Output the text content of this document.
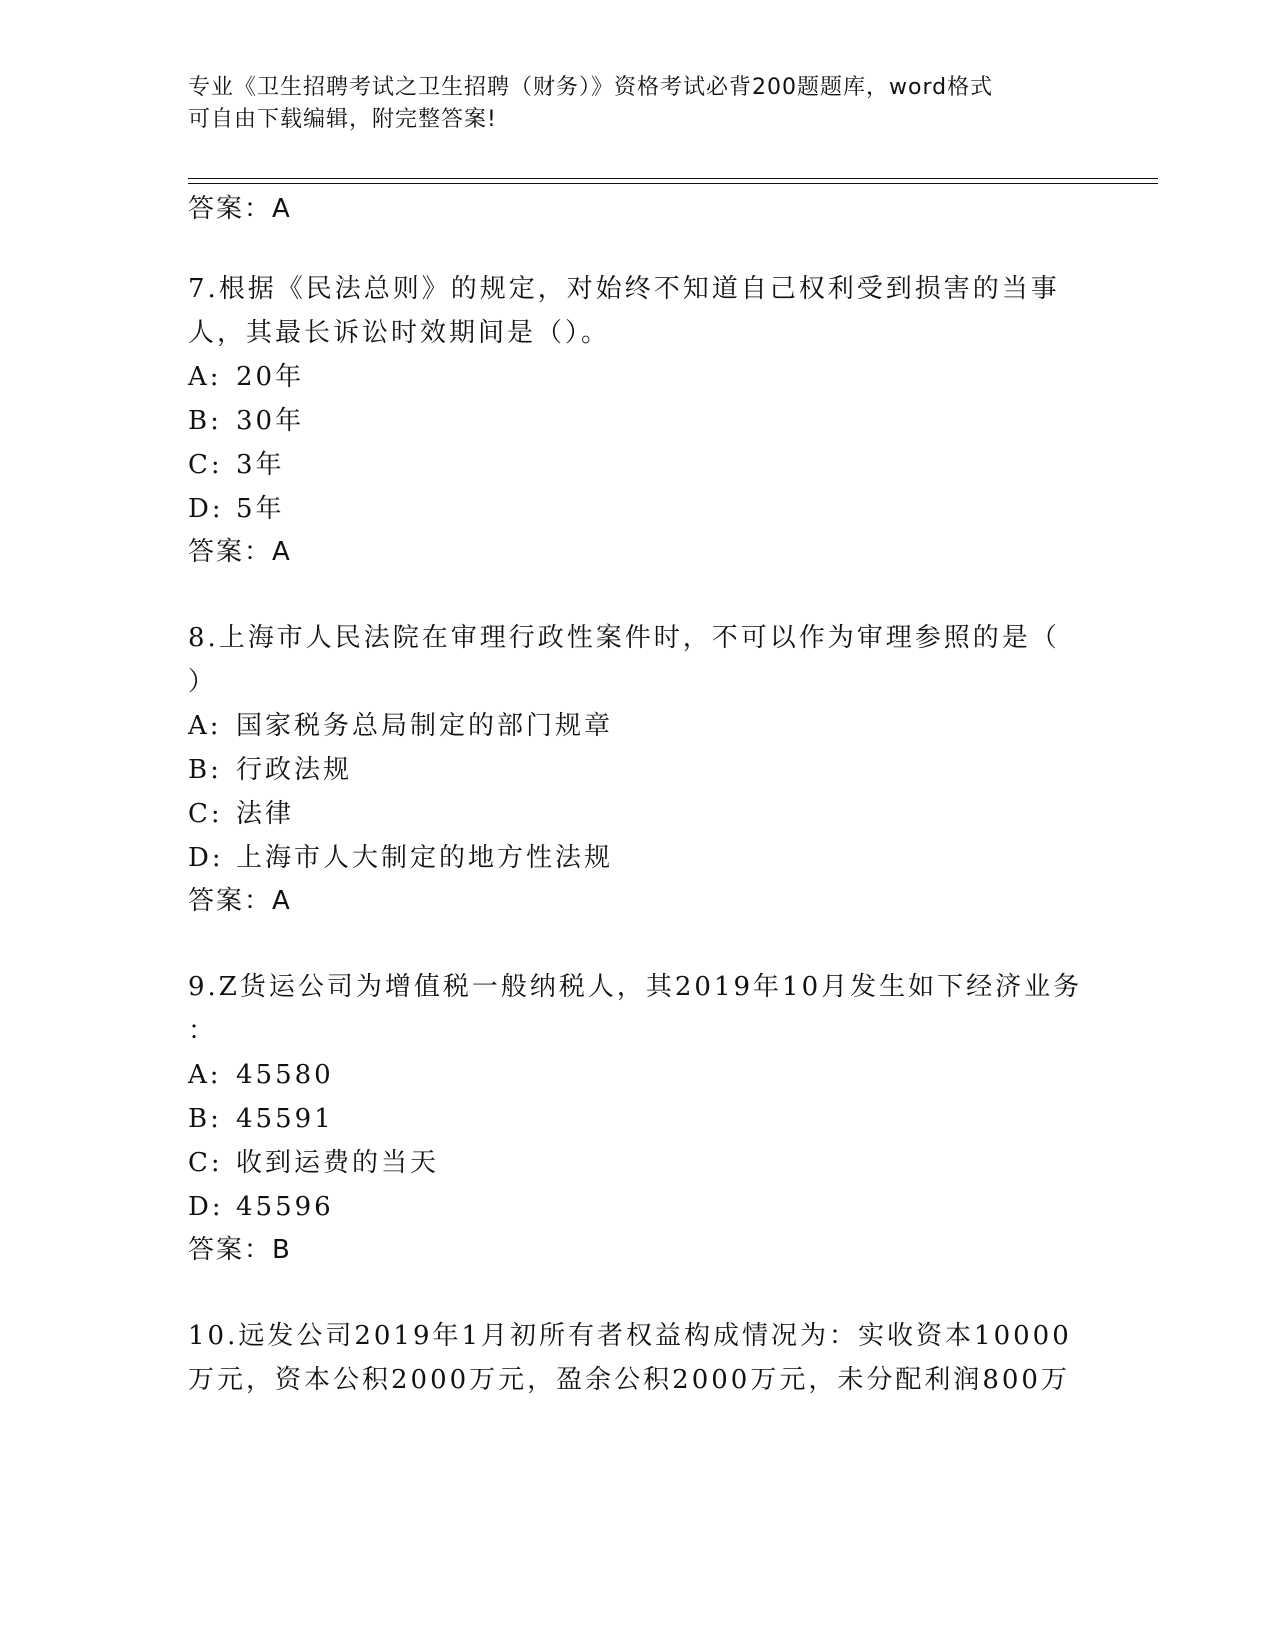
专业《卫生招聘考试之卫生招聘（财务）》资格考试必背200题题库，word格式
可自由下载编辑，附完整答案!
答案：A
7.根据《民法总则》的规定，对始终不知道自己权利受到损害的当事
人，其最长诉讼时效期间是（）。
A: 20年
B: 30年
C: 3年
D: 5年
答案：A
8.上海市人民法院在审理行政性案件时，不可以作为审理参照的是（
）
A: 国家税务总局制定的部门规章
B: 行政法规
C: 法律
D: 上海市人大制定的地方性法规
答案：A
9.Z货运公司为增值税一般纳税人，其2019年10月发生如下经济业务
：
A: 45580
B: 45591
C: 收到运费的当天
D: 45596
答案：B
10.远发公司2019年1月初所有者权益构成情况为：实收资本10000
万元，资本公积2000万元，盈余公积2000万元，未分配利润800万
